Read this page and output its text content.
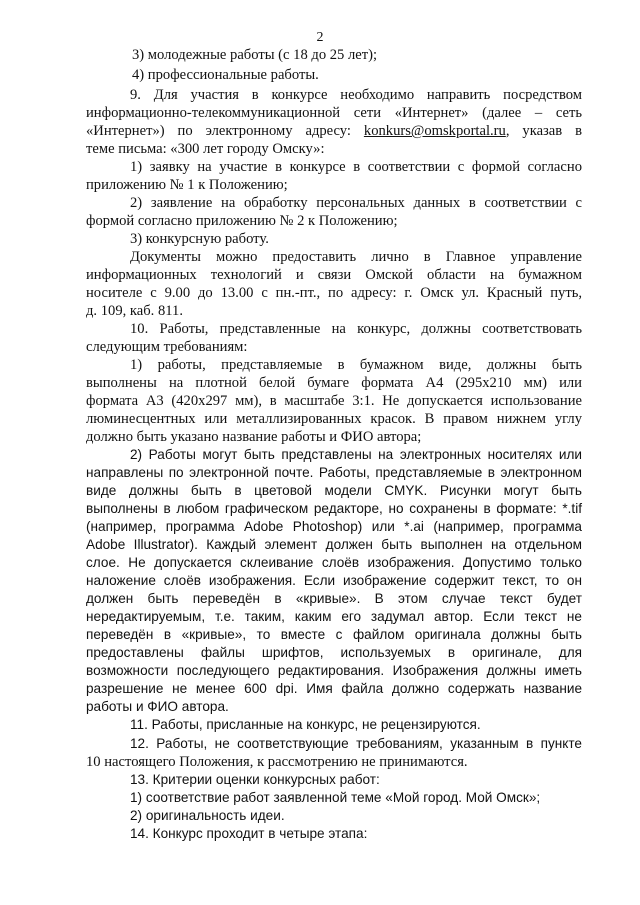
2
3) молодежные работы (с 18 до 25 лет);
4) профессиональные работы.
9. Для участия в конкурсе необходимо направить посредством
информационно-телекоммуникационной сети «Интернет» (далее – сеть
«Интернет») по электронному адресу: konkurs@omskportal.ru, указав в
теме письма: «300 лет городу Омску»:
1) заявку на участие в конкурсе в соответствии с формой согласно
приложению № 1 к Положению;
2) заявление на обработку персональных данных в соответствии с
формой согласно приложению № 2 к Положению;
3) конкурсную работу.
Документы можно предоставить лично в Главное управление
информационных технологий и связи Омской области на бумажном
носителе с 9.00 до 13.00 с пн.-пт., по адресу: г. Омск ул. Красный путь,
д. 109, каб. 811.
10. Работы, представленные на конкурс, должны соответствовать
следующим требованиям:
1) работы, представляемые в бумажном виде, должны быть
выполнены на плотной белой бумаге формата А4 (295х210 мм) или
формата А3 (420х297 мм), в масштабе 3:1. Не допускается использование
люминесцентных или металлизированных красок. В правом нижнем углу
должно быть указано название работы и ФИО автора;
2) Работы могут быть представлены на электронных носителях или
направлены по электронной почте. Работы, представляемые в электронном
виде должны быть в цветовой модели CMYK. Рисунки могут быть
выполнены в любом графическом редакторе, но сохранены в формате: *.tif
(например, программа Adobe Photoshop) или *.ai (например, программа
Adobe Illustrator). Каждый элемент должен быть выполнен на отдельном
слое. Не допускается склеивание слоёв изображения. Допустимо только
наложение слоёв изображения. Если изображение содержит текст, то он
должен быть переведён в «кривые». В этом случае текст будет
нередактируемым, т.е. таким, каким его задумал автор. Если текст не
переведён в «кривые», то вместе с файлом оригинала должны быть
предоставлены файлы шрифтов, используемых в оригинале, для
возможности последующего редактирования. Изображения должны иметь
разрешение не менее 600 dpi. Имя файла должно содержать название
работы и ФИО автора.
11. Работы, присланные на конкурс, не рецензируются.
12. Работы, не соответствующие требованиям, указанным в пункте
10 настоящего Положения, к рассмотрению не принимаются.
13. Критерии оценки конкурсных работ:
1) соответствие работ заявленной теме «Мой город. Мой Омск»;
2) оригинальность идеи.
14. Конкурс проходит в четыре этапа:
